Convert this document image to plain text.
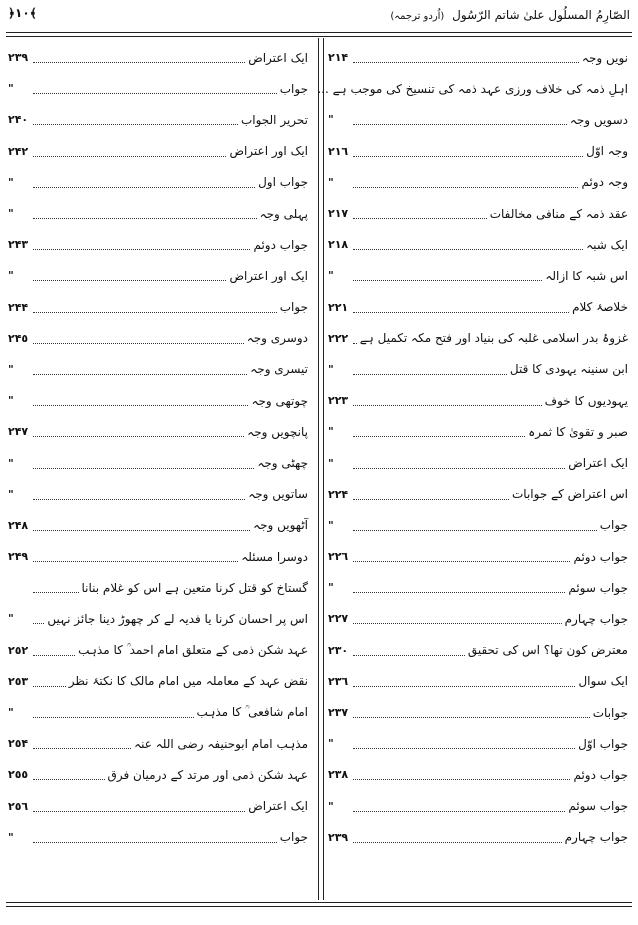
الصّارِمُ المسلُول علیٰ شاتم الرّسُول (اُردو ترجمہ)
﴿١٠﴾
نویں وجہ
٢١۴
اہلِ ذمہ کی خلاف ورزی عہد ذمہ کی تنسیخ کی موجب ہے ...
دسویں وجہ
"
وجہ اوّل
٢١٦
وجہ دوئم
"
عقد ذمہ کے منافی مخالفات
٢١٧
ایک شبہ
٢١٨
اس شبہ کا ازالہ
"
خلاصۂ کلام
٢٢١
غزوۂ بدر اسلامی غلبہ کی بنیاد اور فتح مکہ تکمیل ہے
٢٢٢
ابن سنینہ یہودی کا قتل
"
یہودیوں کا خوف
٢٢٣
صبر و تقویٰ کا ثمرہ
"
ایک اعتراض
"
اس اعتراض کے جوابات
٢٢۴
جواب
"
جواب دوئم
٢٢٦
جواب سوئم
"
جواب چہارم
٢٢٧
معترض کون تھا؟ اس کی تحقیق
٢٣٠
ایک سوال
٢٣٦
جوابات
٢٣٧
جواب اوّل
"
جواب دوئم
٢٣٨
جواب سوئم
"
جواب چہارم
٢٣٩
ایک اعتراض
٢٣٩
جواب
"
تحریر الجواب
٢۴٠
ایک اور اعتراض
٢۴٢
جواب اول
"
پہلی وجہ
"
جواب دوئم
٢۴٣
ایک اور اعتراض
"
جواب
٢۴۴
دوسری وجہ
٢۴٥
تیسری وجہ
"
چوتھی وجہ
"
پانچویں وجہ
٢۴٧
چھٹی وجہ
"
ساتویں وجہ
"
آٹھویں وجہ
٢۴٨
دوسرا مسئلہ
٢۴٩
گستاخ کو قتل کرنا متعین ہے اس کو غلام بنانا
اس پر احسان کرنا یا فدیہ لے کر چھوڑ دینا جائز نہیں
"
عہد شکن ذمی کے متعلق امام احمد ؒ کا مذہب
٢٥٢
نقض عہد کے معاملہ میں امام مالک کا نکتۂ نظر
٢٥٣
امام شافعی ؒ کا مذہب
"
مذہب امام ابوحنیفہ رضی اللہ عنہ
٢٥۴
عہد شکن ذمی اور مرتد کے درمیان فرق
٢٥٥
ایک اعتراض
٢٥٦
جواب
"
